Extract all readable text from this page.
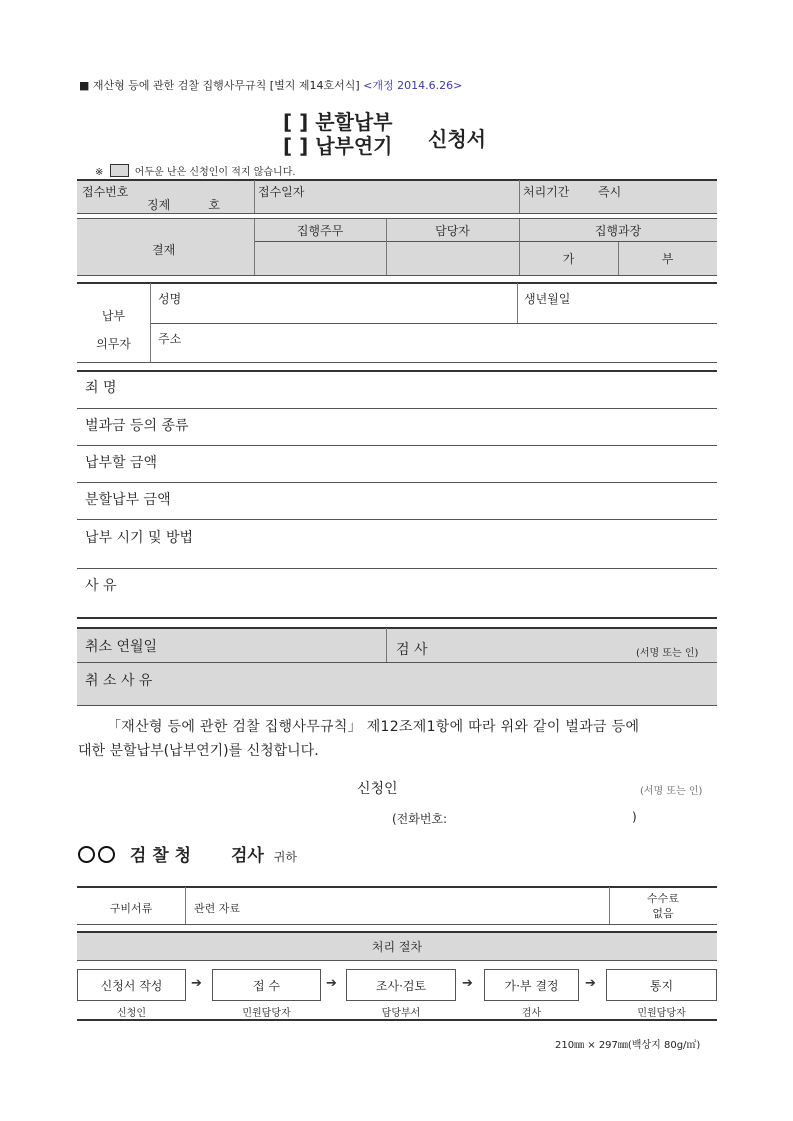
■ 재산형 등에 관한 검찰 집행사무규칙 [별지 제14호서식] <개정 2014.6.26>
[ ] 분할납부
[ ] 납부연기 신청서
※	어두운 난은 신청인이 적지 않습니다.
접수번호
징제          호
접수일자	처리기간 즉시
결재
집행주무	담당자	집행과장
가	부
납부
의무자
성명	생년월일
주소
죄 명
벌과금 등의 종류
납부할 금액
분할납부 금액
납부 시기 및 방법
사 유
취소 연월일	검 사	(서명 또는 인)
취 소 사 유
「재산형 등에 관한 검찰 집행사무규칙」 제12조제1항에 따라 위와 같이 벌과금 등에
대한 분할납부(납부연기)를 신청합니다.
신청인	(서명 또는 인)
(전화번호:	)
검 찰 청 검사 귀하
구비서류	관련 자료
수수료
없음
처리 절차
신청서 작성	접 수	조사·검토	가·부 결정	통지
➔	➔	➔	➔
신청인	민원담당자	담당부서	검사	민원담당자
210㎜ × 297㎜(백상지 80g/㎡)
